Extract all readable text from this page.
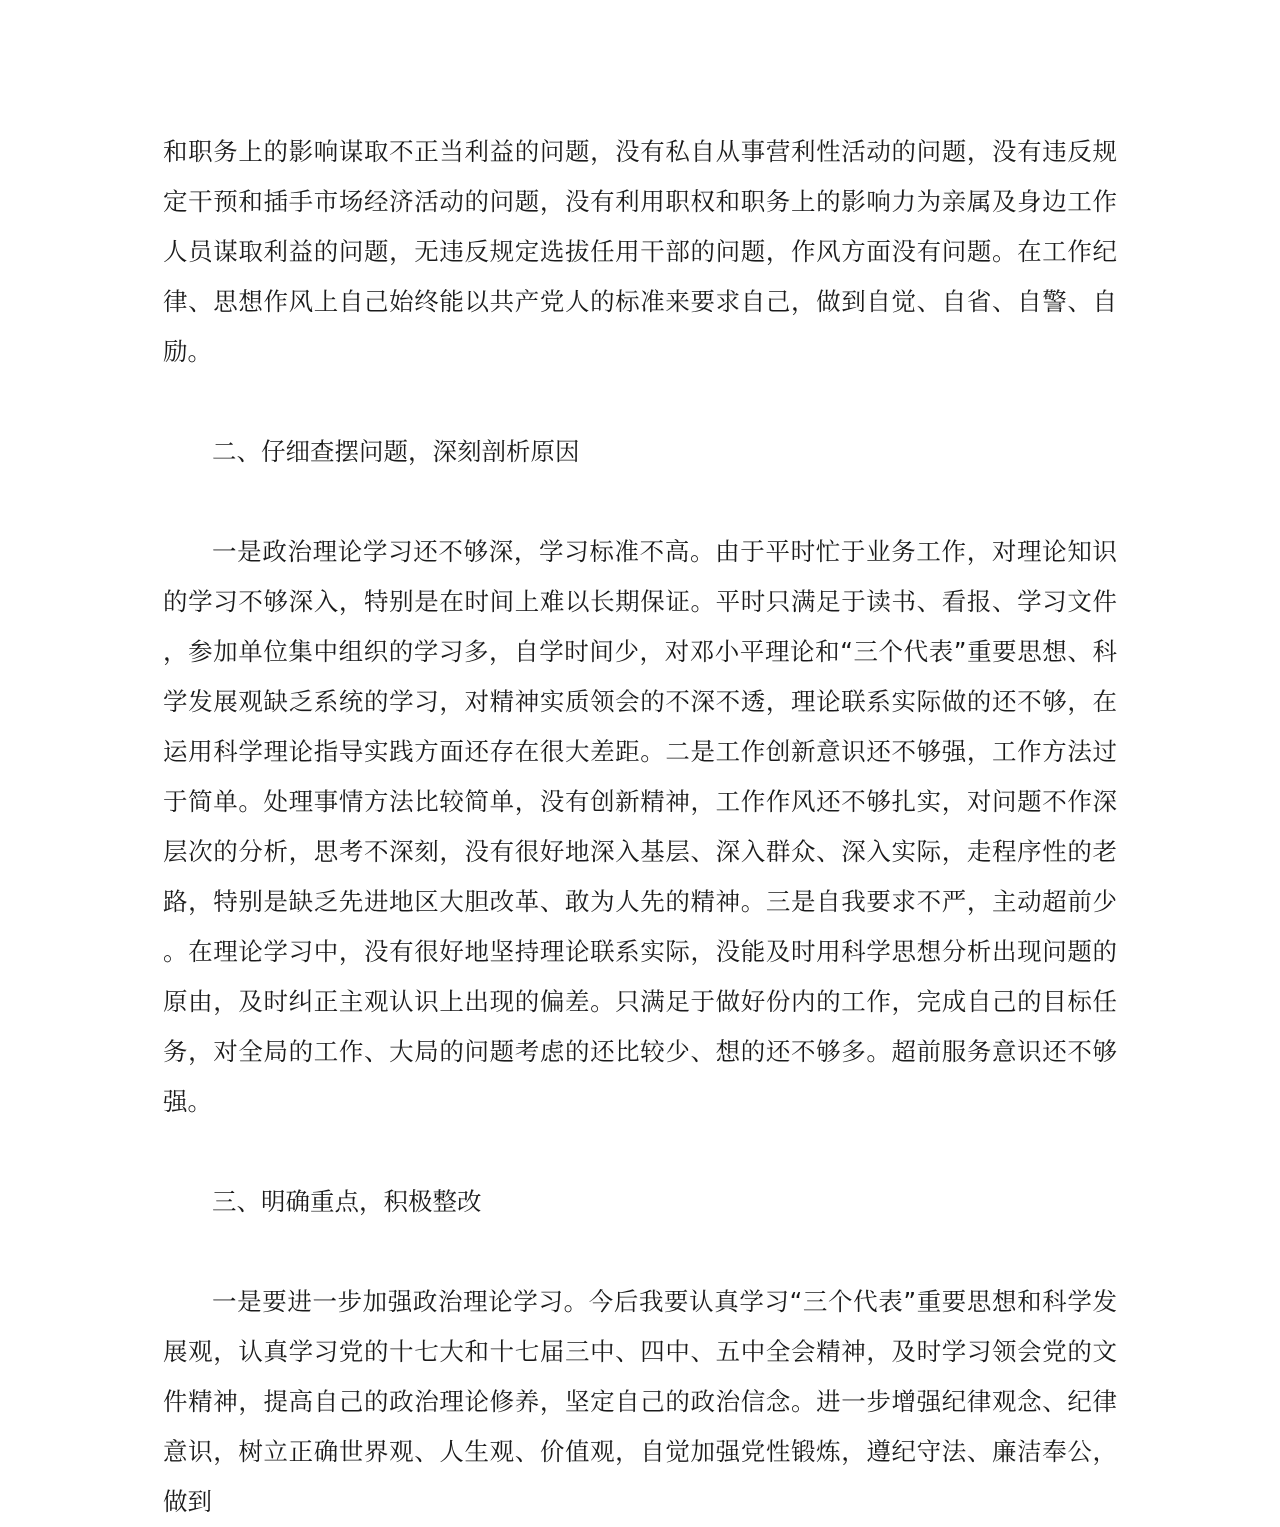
和职务上的影响谋取不正当利益的问题，没有私自从事营利性活动的问题，没有违反规定干预和插手市场经济活动的问题，没有利用职权和职务上的影响力为亲属及身边工作人员谋取利益的问题，无违反规定选拔任用干部的问题，作风方面没有问题。在工作纪律、思想作风上自己始终能以共产党人的标准来要求自己，做到自觉、自省、自警、自励。

二、仔细查摆问题，深刻剖析原因

一是政治理论学习还不够深，学习标准不高。由于平时忙于业务工作，对理论知识的学习不够深入，特别是在时间上难以长期保证。平时只满足于读书、看报、学习文件，参加单位集中组织的学习多，自学时间少，对邓小平理论和“三个代表”重要思想、科学发展观缺乏系统的学习，对精神实质领会的不深不透，理论联系实际做的还不够，在运用科学理论指导实践方面还存在很大差距。二是工作创新意识还不够强，工作方法过于简单。处理事情方法比较简单，没有创新精神，工作作风还不够扎实，对问题不作深层次的分析，思考不深刻，没有很好地深入基层、深入群众、深入实际，走程序性的老路，特别是缺乏先进地区大胆改革、敢为人先的精神。三是自我要求不严，主动超前少。在理论学习中，没有很好地坚持理论联系实际，没能及时用科学思想分析出现问题的原由，及时纠正主观认识上出现的偏差。只满足于做好份内的工作，完成自己的目标任务，对全局的工作、大局的问题考虑的还比较少、想的还不够多。超前服务意识还不够强。

三、明确重点，积极整改

一是要进一步加强政治理论学习。今后我要认真学习“三个代表”重要思想和科学发展观，认真学习党的十七大和十七届三中、四中、五中全会精神，及时学习领会党的文件精神，提高自己的政治理论修养，坚定自己的政治信念。进一步增强纪律观念、纪律意识，树立正确世界观、人生观、价值观，自觉加强党性锻炼，遵纪守法、廉洁奉公，做到
